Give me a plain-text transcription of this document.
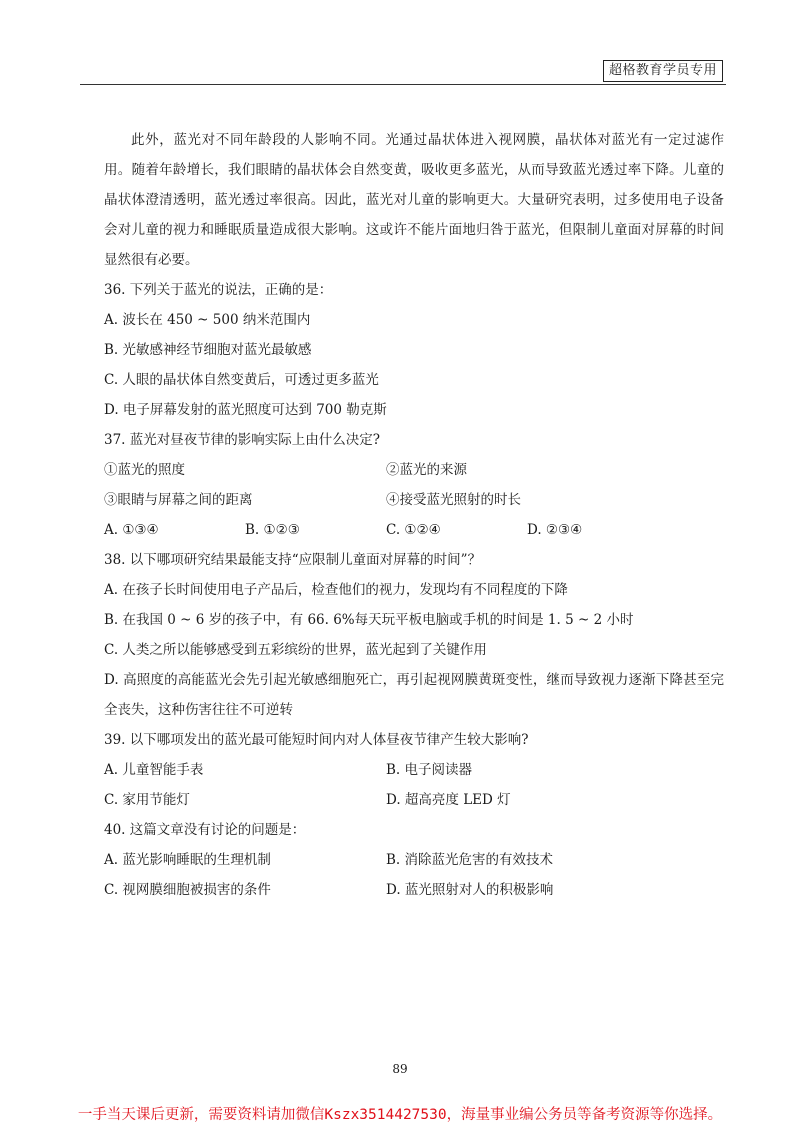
超格教育学员专用

此外，蓝光对不同年龄段的人影响不同。光通过晶状体进入视网膜，晶状体对蓝光有一定过滤作用。随着年龄增长，我们眼睛的晶状体会自然变黄，吸收更多蓝光，从而导致蓝光透过率下降。儿童的晶状体澄清透明，蓝光透过率很高。因此，蓝光对儿童的影响更大。大量研究表明，过多使用电子设备会对儿童的视力和睡眠质量造成很大影响。这或许不能片面地归咎于蓝光，但限制儿童面对屏幕的时间显然很有必要。

36. 下列关于蓝光的说法，正确的是：
A. 波长在 450 ~ 500 纳米范围内
B. 光敏感神经节细胞对蓝光最敏感
C. 人眼的晶状体自然变黄后，可透过更多蓝光
D. 电子屏幕发射的蓝光照度可达到 700 勒克斯
37. 蓝光对昼夜节律的影响实际上由什么决定?
①蓝光的照度	②蓝光的来源
③眼睛与屏幕之间的距离	④接受蓝光照射的时长
A. ①③④	B. ①②③	C. ①②④	D. ②③④
38. 以下哪项研究结果最能支持“应限制儿童面对屏幕的时间”？
A. 在孩子长时间使用电子产品后，检查他们的视力，发现均有不同程度的下降
B. 在我国 0 ~ 6 岁的孩子中，有 66. 6%每天玩平板电脑或手机的时间是 1. 5 ~ 2 小时
C. 人类之所以能够感受到五彩缤纷的世界，蓝光起到了关键作用
D. 高照度的高能蓝光会先引起光敏感细胞死亡，再引起视网膜黄斑变性，继而导致视力逐渐下降甚至完全丧失，这种伤害往往不可逆转
39. 以下哪项发出的蓝光最可能短时间内对人体昼夜节律产生较大影响?
A. 儿童智能手表	B. 电子阅读器
C. 家用节能灯	D. 超高亮度 LED 灯
40. 这篇文章没有讨论的问题是：
A. 蓝光影响睡眠的生理机制	B. 消除蓝光危害的有效技术
C. 视网膜细胞被损害的条件	D. 蓝光照射对人的积极影响
89
一手当天课后更新，需要资料请加微信Kszx3514427530，海量事业编公务员等备考资源等你选择。
